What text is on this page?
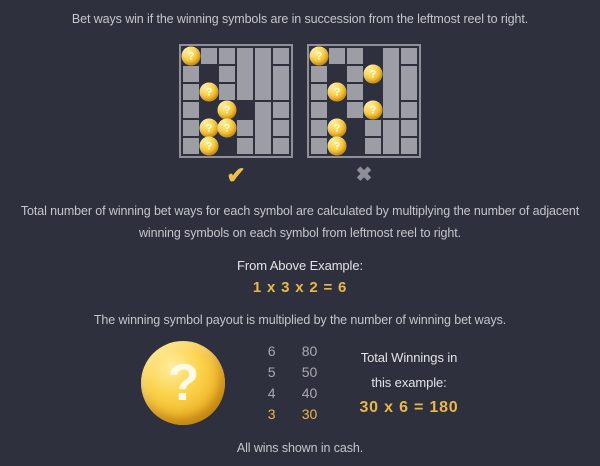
Bet ways win if the winning symbols are in succession from the leftmost reel to right.

?
?
?
?
?
?
✔
?
?
?
?
?
?
✖

Total number of winning bet ways for each symbol are calculated by multiplying the number of adjacent
winning symbols on each symbol from leftmost reel to right.

From Above Example:

1 x 3 x 2 = 6

The winning symbol payout is multiplied by the number of winning bet ways.

?
6	80
5	50
4	40
3	30
Total Winnings in
this example:
30 x 6 = 180

All wins shown in cash.
